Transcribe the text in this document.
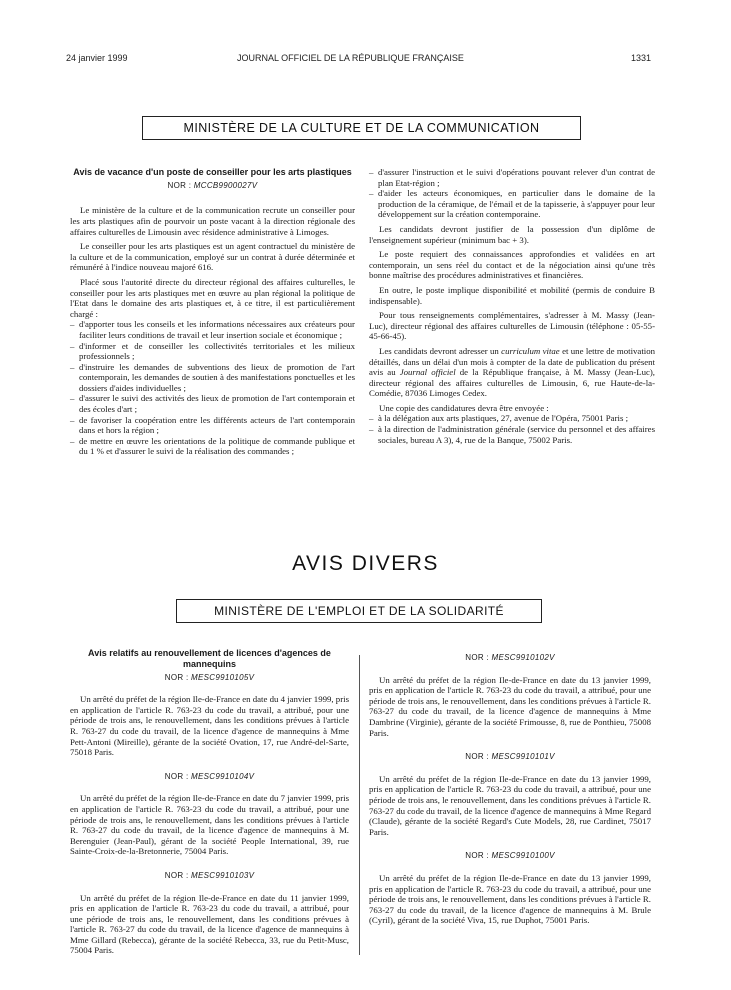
24 janvier 1999	JOURNAL OFFICIEL DE LA RÉPUBLIQUE FRANÇAISE	1331
MINISTÈRE DE LA CULTURE ET DE LA COMMUNICATION
Avis de vacance d'un poste de conseiller pour les arts plastiques
NOR : MCCB9900027V

Le ministère de la culture et de la communication recrute un conseiller pour les arts plastiques afin de pourvoir un poste vacant à la direction régionale des affaires culturelles de Limousin avec résidence administrative à Limoges.

Le conseiller pour les arts plastiques est un agent contractuel du ministère de la culture et de la communication, employé sur un contrat à durée déterminée et rémunéré à l'indice nouveau majoré 616.

Placé sous l'autorité directe du directeur régional des affaires culturelles, le conseiller pour les arts plastiques met en œuvre au plan régional la politique de l'Etat dans le domaine des arts plastiques et, à ce titre, il est particulièrement chargé :

– d'apporter tous les conseils et les informations nécessaires aux créateurs pour faciliter leurs conditions de travail et leur insertion sociale et économique ;
– d'informer et de conseiller les collectivités territoriales et les milieux professionnels ;
– d'instruire les demandes de subventions des lieux de promotion de l'art contemporain, les demandes de soutien à des manifestations ponctuelles et les dossiers d'aides individuelles ;
– d'assurer le suivi des activités des lieux de promotion de l'art contemporain et des écoles d'art ;
– de favoriser la coopération entre les différents acteurs de l'art contemporain dans et hors la région ;
– de mettre en œuvre les orientations de la politique de commande publique et du 1 % et d'assurer le suivi de la réalisation des commandes ;
– d'assurer l'instruction et le suivi d'opérations pouvant relever d'un contrat de plan Etat-région ;
– d'aider les acteurs économiques, en particulier dans le domaine de la production de la céramique, de l'émail et de la tapisserie, à s'appuyer pour leur développement sur la création contemporaine.

Les candidats devront justifier de la possession d'un diplôme de l'enseignement supérieur (minimum bac + 3).

Le poste requiert des connaissances approfondies et validées en art contemporain, un sens réel du contact et de la négociation ainsi qu'une très bonne maîtrise des procédures administratives et financières.

En outre, le poste implique disponibilité et mobilité (permis de conduire B indispensable).

Pour tous renseignements complémentaires, s'adresser à M. Massy (Jean-Luc), directeur régional des affaires culturelles de Limousin (téléphone : 05-55-45-66-45).

Les candidats devront adresser un curriculum vitae et une lettre de motivation détaillés, dans un délai d'un mois à compter de la date de publication du présent avis au Journal officiel de la République française, à M. Massy (Jean-Luc), directeur régional des affaires culturelles de Limousin, 6, rue Haute-de-la-Comédie, 87036 Limoges Cedex.

Une copie des candidatures devra être envoyée :

– à la délégation aux arts plastiques, 27, avenue de l'Opéra, 75001 Paris ;
– à la direction de l'administration générale (service du personnel et des affaires sociales, bureau A 3), 4, rue de la Banque, 75002 Paris.
AVIS DIVERS
MINISTÈRE DE L'EMPLOI ET DE LA SOLIDARITÉ
Avis relatifs au renouvellement de licences d'agences de mannequins
NOR : MESC9910105V

Un arrêté du préfet de la région Ile-de-France en date du 4 janvier 1999, pris en application de l'article R. 763-23 du code du travail, a attribué, pour une période de trois ans, le renouvellement, dans les conditions prévues à l'article R. 763-27 du code du travail, de la licence d'agence de mannequins à Mme Pett-Antoni (Mireille), gérante de la société Ovation, 17, rue André-del-Sarte, 75018 Paris.

NOR : MESC9910104V

Un arrêté du préfet de la région Ile-de-France en date du 7 janvier 1999, pris en application de l'article R. 763-23 du code du travail, a attribué, pour une période de trois ans, le renouvellement, dans les conditions prévues à l'article R. 763-27 du code du travail, de la licence d'agence de mannequins à M. Berenguier (Jean-Paul), gérant de la société People International, 39, rue Sainte-Croix-de-la-Bretonnerie, 75004 Paris.

NOR : MESC9910103V

Un arrêté du préfet de la région Ile-de-France en date du 11 janvier 1999, pris en application de l'article R. 763-23 du code du travail, a attribué, pour une période de trois ans, le renouvellement, dans les conditions prévues à l'article R. 763-27 du code du travail, de la licence d'agence de mannequins à Mme Gillard (Rebecca), gérante de la société Rebecca, 33, rue du Petit-Musc, 75004 Paris.

NOR : MESC9910102V

Un arrêté du préfet de la région Ile-de-France en date du 13 janvier 1999, pris en application de l'article R. 763-23 du code du travail, a attribué, pour une période de trois ans, le renouvellement, dans les conditions prévues à l'article R. 763-27 du code du travail, de la licence d'agence de mannequins à Mme Dambrine (Virginie), gérante de la société Frimousse, 8, rue de Ponthieu, 75008 Paris.

NOR : MESC9910101V

Un arrêté du préfet de la région Ile-de-France en date du 13 janvier 1999, pris en application de l'article R. 763-23 du code du travail, a attribué, pour une période de trois ans, le renouvellement, dans les conditions prévues à l'article R. 763-27 du code du travail, de la licence d'agence de mannequins à Mme Regard (Claude), gérante de la société Regard's Cute Models, 28, rue Cardinet, 75017 Paris.

NOR : MESC9910100V

Un arrêté du préfet de la région Ile-de-France en date du 13 janvier 1999, pris en application de l'article R. 763-23 du code du travail, a attribué, pour une période de trois ans, le renouvellement, dans les conditions prévues à l'article R. 763-27 du code du travail, de la licence d'agence de mannequins à M. Brule (Cyril), gérant de la société Viva, 15, rue Duphot, 75001 Paris.
